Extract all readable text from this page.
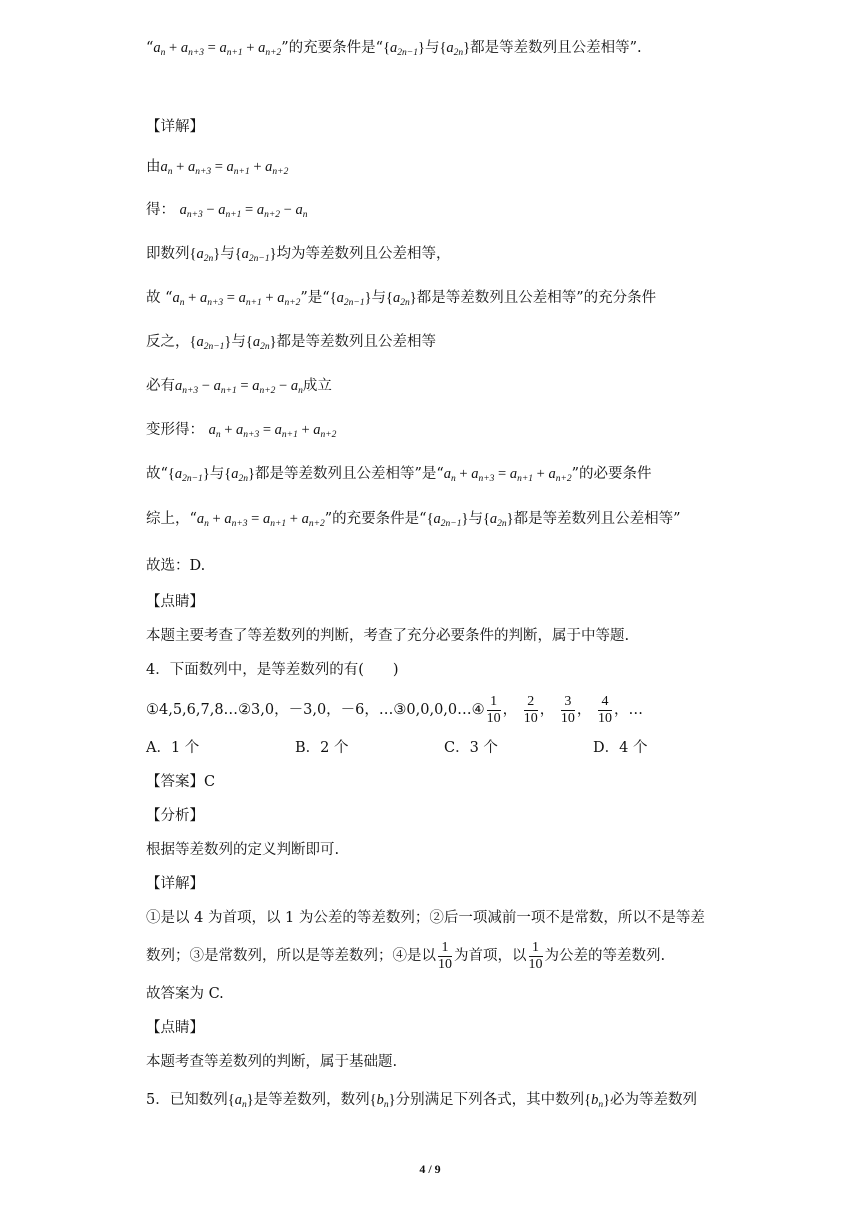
“$a_n + a_{n+3} = a_{n+1} + a_{n+2}$”的充要条件是“$\{a_{2n-1}\}$与$\{a_{2n}\}$都是等差数列且公差相等”.
【详解】
由$a_n + a_{n+3} = a_{n+1} + a_{n+2}$
得： $a_{n+3} - a_{n+1} = a_{n+2} - a_n$
即数列$\{a_{2n}\}$与$\{a_{2n-1}\}$均为等差数列且公差相等，
故 “$a_n + a_{n+3} = a_{n+1} + a_{n+2}$”是“$\{a_{2n-1}\}$与$\{a_{2n}\}$都是等差数列且公差相等”的充分条件
反之，$\{a_{2n-1}\}$与$\{a_{2n}\}$都是等差数列且公差相等
必有$a_{n+3} - a_{n+1} = a_{n+2} - a_n$成立
变形得： $a_n + a_{n+3} = a_{n+1} + a_{n+2}$
故“$\{a_{2n-1}\}$与$\{a_{2n}\}$都是等差数列且公差相等”是“$a_n + a_{n+3} = a_{n+1} + a_{n+2}$”的必要条件
综上，“$a_n + a_{n+3} = a_{n+1} + a_{n+2}$”的充要条件是“$\{a_{2n-1}\}$与$\{a_{2n}\}$都是等差数列且公差相等”
故选：D.
【点睛】
本题主要考查了等差数列的判断，考查了充分必要条件的判断，属于中等题.
4．下面数列中，是等差数列的有(　　)
①4,5,6,7,8…②3,0，－3,0，－6，…③0,0,0,0…④ $\frac{1}{10}$ ， $\frac{2}{10}$ ， $\frac{3}{10}$ ， $\frac{4}{10}$ ，…
A．1 个	B．2 个	C．3 个	D．4 个
【答案】C
【分析】
根据等差数列的定义判断即可.
【详解】
①是以 4 为首项，以 1 为公差的等差数列；②后一项减前一项不是常数，所以不是等差
数列；③是常数列，所以是等差数列；④是以 $\frac{1}{10}$ 为首项，以 $\frac{1}{10}$ 为公差的等差数列.
故答案为 C.
【点睛】
本题考查等差数列的判断，属于基础题.
5．已知数列$\{a_n\}$是等差数列，数列$\{b_n\}$分别满足下列各式，其中数列$\{b_n\}$必为等差数列
4 / 9
